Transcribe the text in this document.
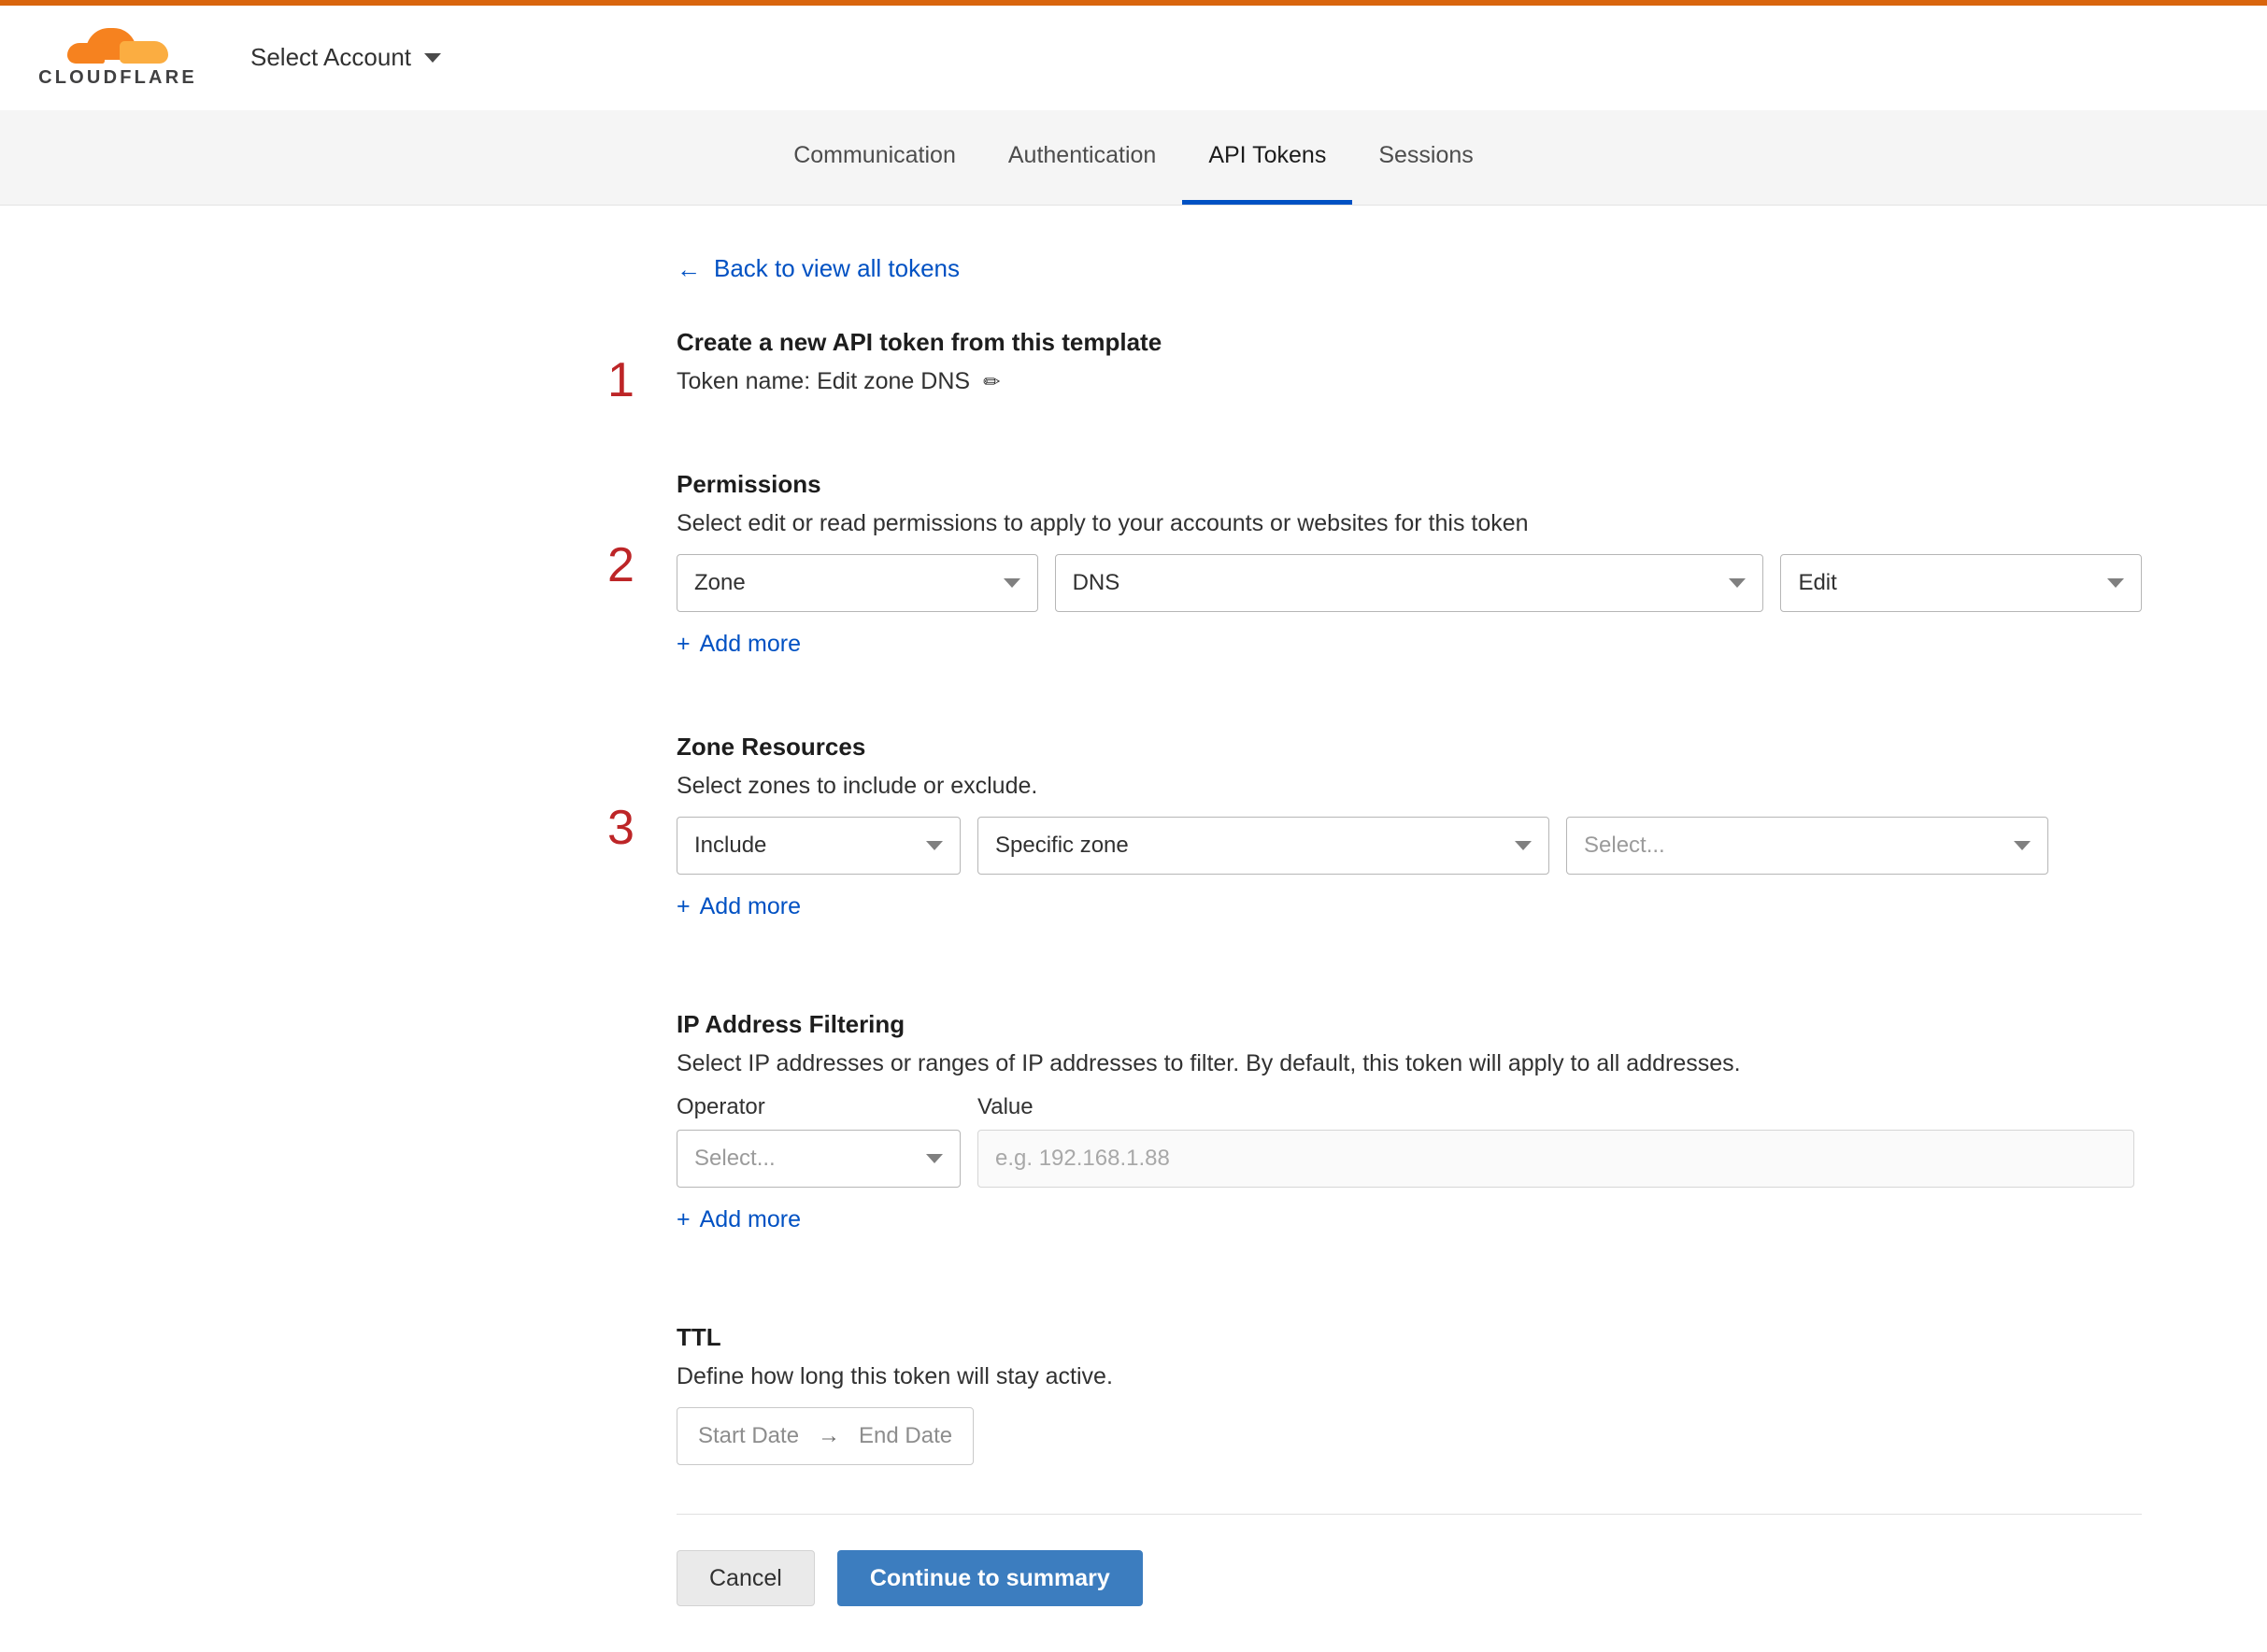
CLOUDFLARE
Select Account
Communication	Authentication	API Tokens	Sessions
← Back to view all tokens
1
Create a new API token from this template
Token name: Edit zone DNS ✏
2
Permissions
Select edit or read permissions to apply to your accounts or websites for this token
Zone	DNS	Edit
+ Add more
3
Zone Resources
Select zones to include or exclude.
Include	Specific zone	Select...
+ Add more
IP Address Filtering
Select IP addresses or ranges of IP addresses to filter. By default, this token will apply to all addresses.
Operator
Select...
Value
e.g. 192.168.1.88
+ Add more
TTL
Define how long this token will stay active.
Start Date → End Date
Cancel	Continue to summary
